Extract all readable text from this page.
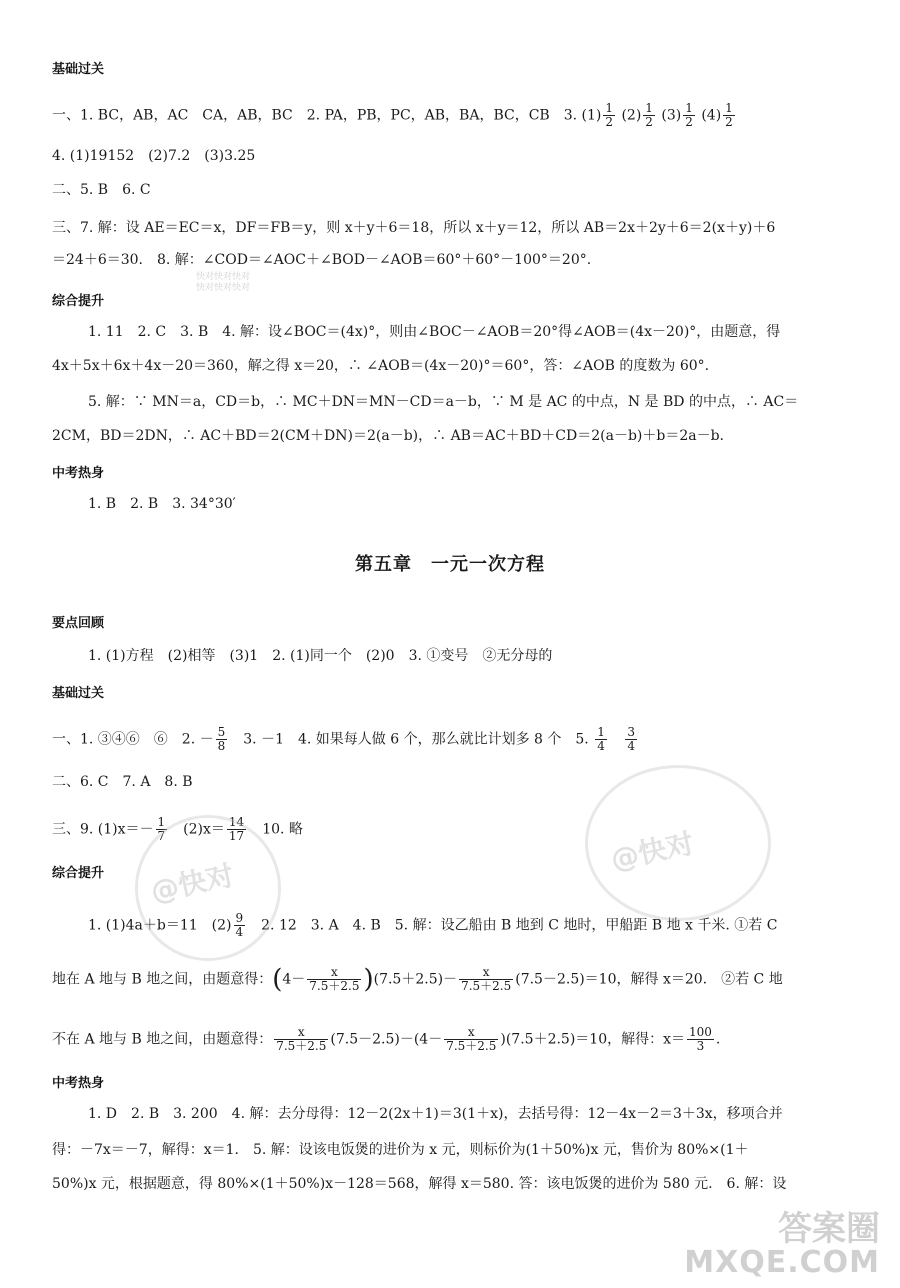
基础过关
一、1. BC，AB，AC　CA，AB，BC　2. PA，PB，PC，AB，BA，BC，CB　3. $(1) \frac{1}{2} (2) \frac{1}{2} (3) \frac{1}{2} (4) \frac{1}{2}$
4. (1)19152　(2)7.2　(3)3.25
二、5. B　6. C
三、7. 解：设 AE＝EC＝x，DF＝FB＝y，则 x＋y＋6＝18，所以 x＋y＝12，所以 AB＝2x＋2y＋6＝2(x＋y)＋6
＝24＋6＝30.　8. 解：∠COD＝∠AOC＋∠BOD－∠AOB＝60°＋60°－100°＝20°.
快对快对快对
快对快对快对
综合提升
1. 11　2. C　3. B　4. 解：设∠BOC＝(4x)°，则由∠BOC－∠AOB＝20°得∠AOB＝(4x－20)°，由题意，得
4x＋5x＋6x＋4x－20＝360，解之得 x＝20，∴ ∠AOB＝(4x－20)°＝60°，答：∠AOB 的度数为 60°.
5. 解：∵ MN＝a，CD＝b，∴ MC＋DN＝MN－CD＝a－b，∵ M 是 AC 的中点，N 是 BD 的中点，∴ AC＝
2CM，BD＝2DN，∴ AC＋BD＝2(CM＋DN)＝2(a－b)，∴ AB＝AC＋BD＋CD＝2(a－b)＋b＝2a－b.
中考热身
1. B　2. B　3. 34°30′
第五章　一元一次方程
要点回顾
1. (1)方程　(2)相等　(3)1　2. (1)同一个　(2)0　3. ①变号　②无分母的
基础过关
一、1. ③④⑥　⑥　2. － $\frac{5}{8}$ 　3. －1　4. 如果每人做 6 个，那么就比计划多 8 个　5. $\frac{1}{4}$
$\frac{3}{4}$
二、6. C　7. A　8. B
三、9. $(1)x=- \frac{1}{7}$ 　$(2)x= \frac{14}{17}$ 　10. 略
综合提升
1. (1)4a＋b＝11　$(2) \frac{9}{4}$ 　2. 12　3. A　4. B　5. 解：设乙船由 B 地到 C 地时，甲船距 B 地 x 千米. ①若 C
地在 A 地与 B 地之间，由题意得：$(4- \frac{x}{7.5+2.5} )(7.5+2.5)- \frac{x}{7.5+2.5} (7.5-2.5)=10$，解得 x＝20.　②若 C 地
不在 A 地与 B 地之间，由题意得： $\frac{x}{7.5+2.5} (7.5-2.5)-(4- \frac{x}{7.5+2.5} )(7.5+2.5)=10$，解得：$x= \frac{100}{3}$ .
中考热身
1. D　2. B　3. 200　4. 解：去分母得：12－2(2x＋1)＝3(1＋x)，去括号得：12－4x－2＝3＋3x，移项合并
得：－7x＝－7，解得：x＝1.　5. 解：设该电饭煲的进价为 x 元，则标价为(1＋50%)x 元，售价为 80%×(1＋
50%)x 元，根据题意，得 80%×(1＋50%)x－128＝568，解得 x＝580. 答：该电饭煲的进价为 580 元.　6. 解：设
@快对
@快对
答案圈
MXQE.COM
